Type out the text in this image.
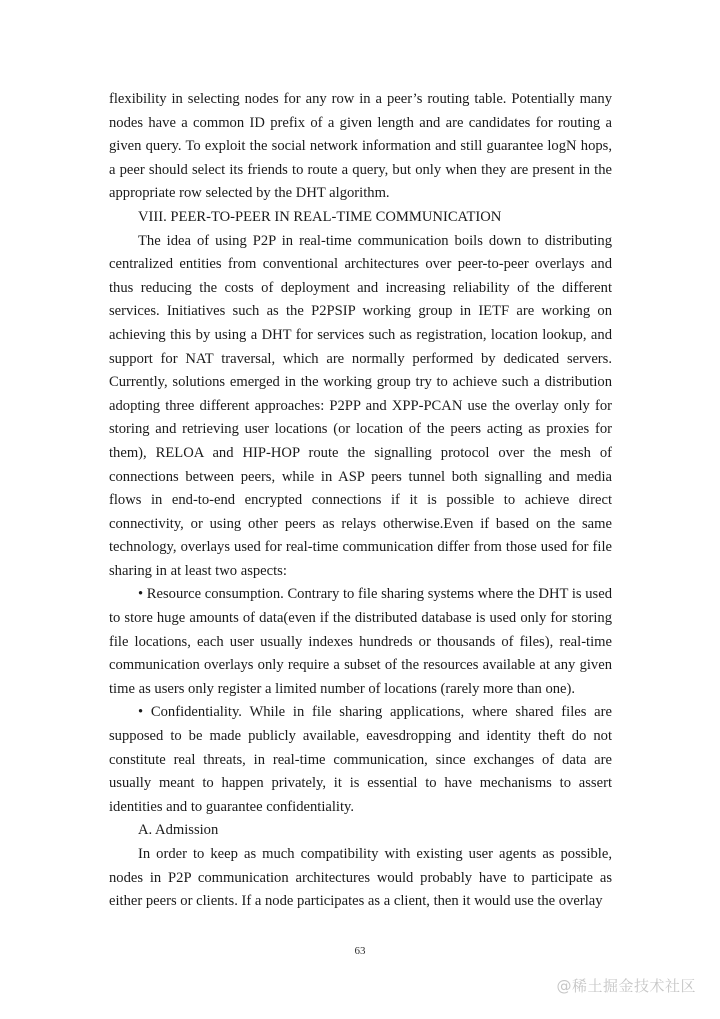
flexibility in selecting nodes for any row in a peer’s routing table. Potentially many nodes have a common ID prefix of a given length and are candidates for routing a given query. To exploit the social network information and still guarantee logN hops, a peer should select its friends to route a query, but only when they are present in the appropriate row selected by the DHT algorithm.

VIII. PEER-TO-PEER IN REAL-TIME COMMUNICATION

The idea of using P2P in real-time communication boils down to distributing centralized entities from conventional architectures over peer-to-peer overlays and thus reducing the costs of deployment and increasing reliability of the different services. Initiatives such as the P2PSIP working group in IETF are working on achieving this by using a DHT for services such as registration, location lookup, and support for NAT traversal, which are normally performed by dedicated servers. Currently, solutions emerged in the working group try to achieve such a distribution adopting three different approaches: P2PP and XPP-PCAN use the overlay only for storing and retrieving user locations (or location of the peers acting as proxies for them), RELOA and HIP-HOP route the signalling protocol over the mesh of connections between peers, while in ASP peers tunnel both signalling and media flows in end-to-end encrypted connections if it is possible to achieve direct connectivity, or using other peers as relays otherwise.Even if based on the same technology, overlays used for real-time communication differ from those used for file sharing in at least two aspects:

• Resource consumption. Contrary to file sharing systems where the DHT is used to store huge amounts of data(even if the distributed database is used only for storing file locations, each user usually indexes hundreds or thousands of files), real-time communication overlays only require a subset of the resources available at any given time as users only register a limited number of locations (rarely more than one).

• Confidentiality. While in file sharing applications, where shared files are supposed to be made publicly available, eavesdropping and identity theft do not constitute real threats, in real-time communication, since exchanges of data are usually meant to happen privately, it is essential to have mechanisms to assert identities and to guarantee confidentiality.

A. Admission

In order to keep as much compatibility with existing user agents as possible, nodes in P2P communication architectures would probably have to participate as either peers or clients. If a node participates as a client, then it would use the overlay

63
@稀土掘金技术社区
